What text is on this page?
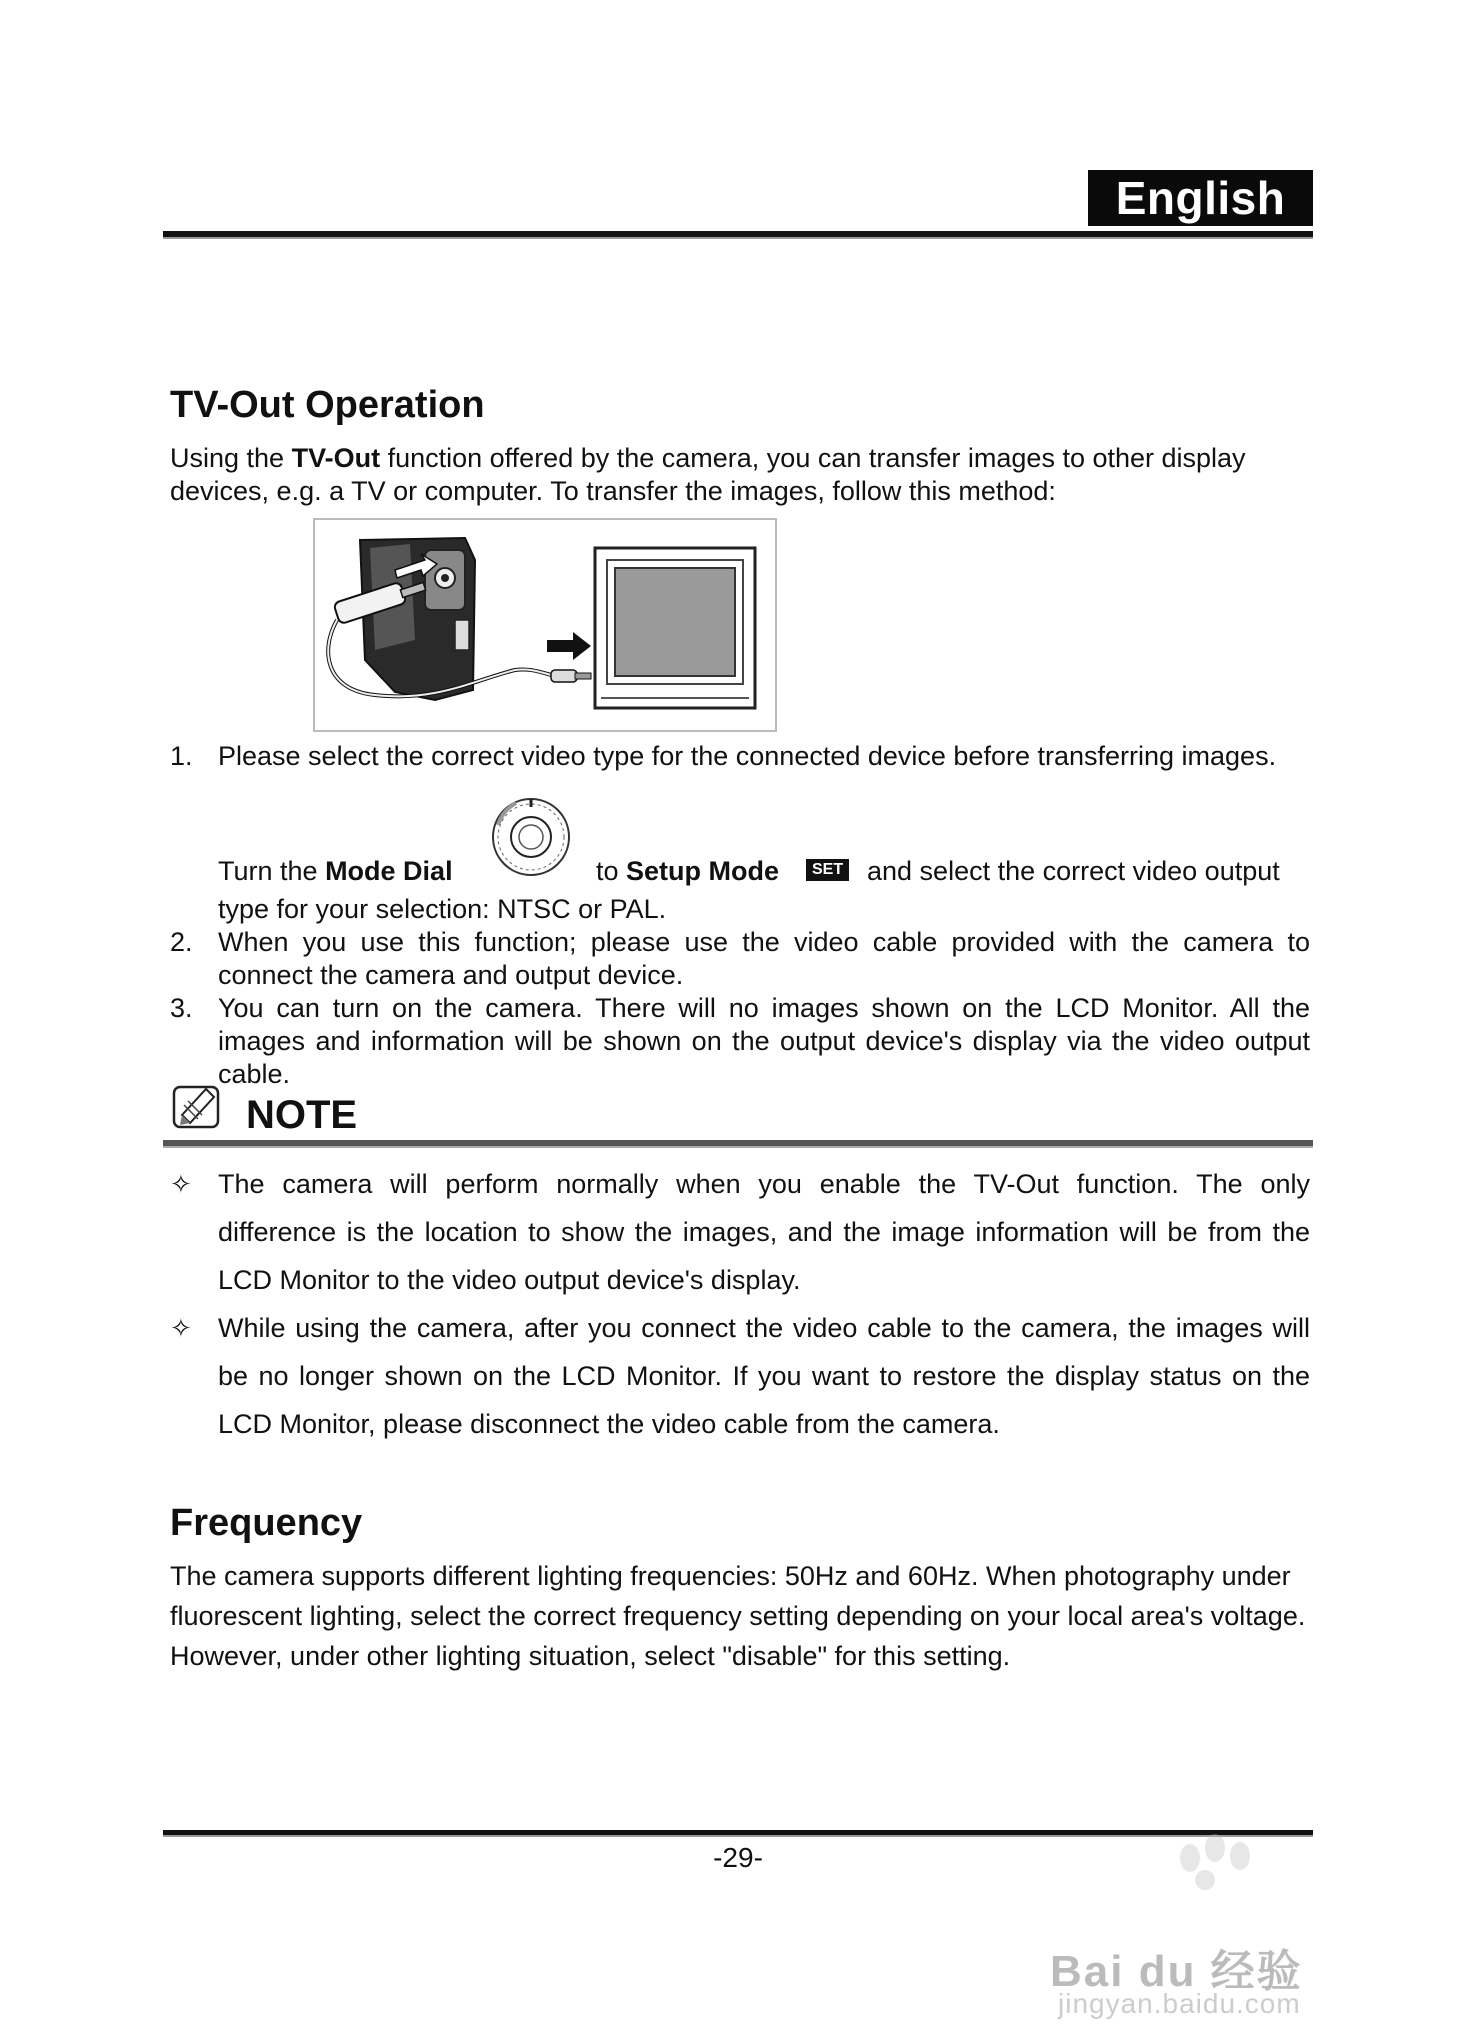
English
TV-Out Operation
Using the TV-Out function offered by the camera, you can transfer images to other display devices, e.g. a TV or computer. To transfer the images, follow this method:
1. Please select the correct video type for the connected device before transferring images.
Turn the Mode Dial	to Setup Mode	SET and select the correct video output
type for your selection: NTSC or PAL.
2. When you use this function; please use the video cable provided with the camera to connect the camera and output device.
3. You can turn on the camera. There will no images shown on the LCD Monitor. All the images and information will be shown on the output device's display via the video output cable.
NOTE
✧ The camera will perform normally when you enable the TV-Out function. The only difference is the location to show the images, and the image information will be from the LCD Monitor to the video output device's display.
✧ While using the camera, after you connect the video cable to the camera, the images will be no longer shown on the LCD Monitor. If you want to restore the display status on the LCD Monitor, please disconnect the video cable from the camera.
Frequency
The camera supports different lighting frequencies: 50Hz and 60Hz. When photography under fluorescent lighting, select the correct frequency setting depending on your local area's voltage. However, under other lighting situation, select "disable" for this setting.
-29-
Bai du 经验
jingyan.baidu.com
